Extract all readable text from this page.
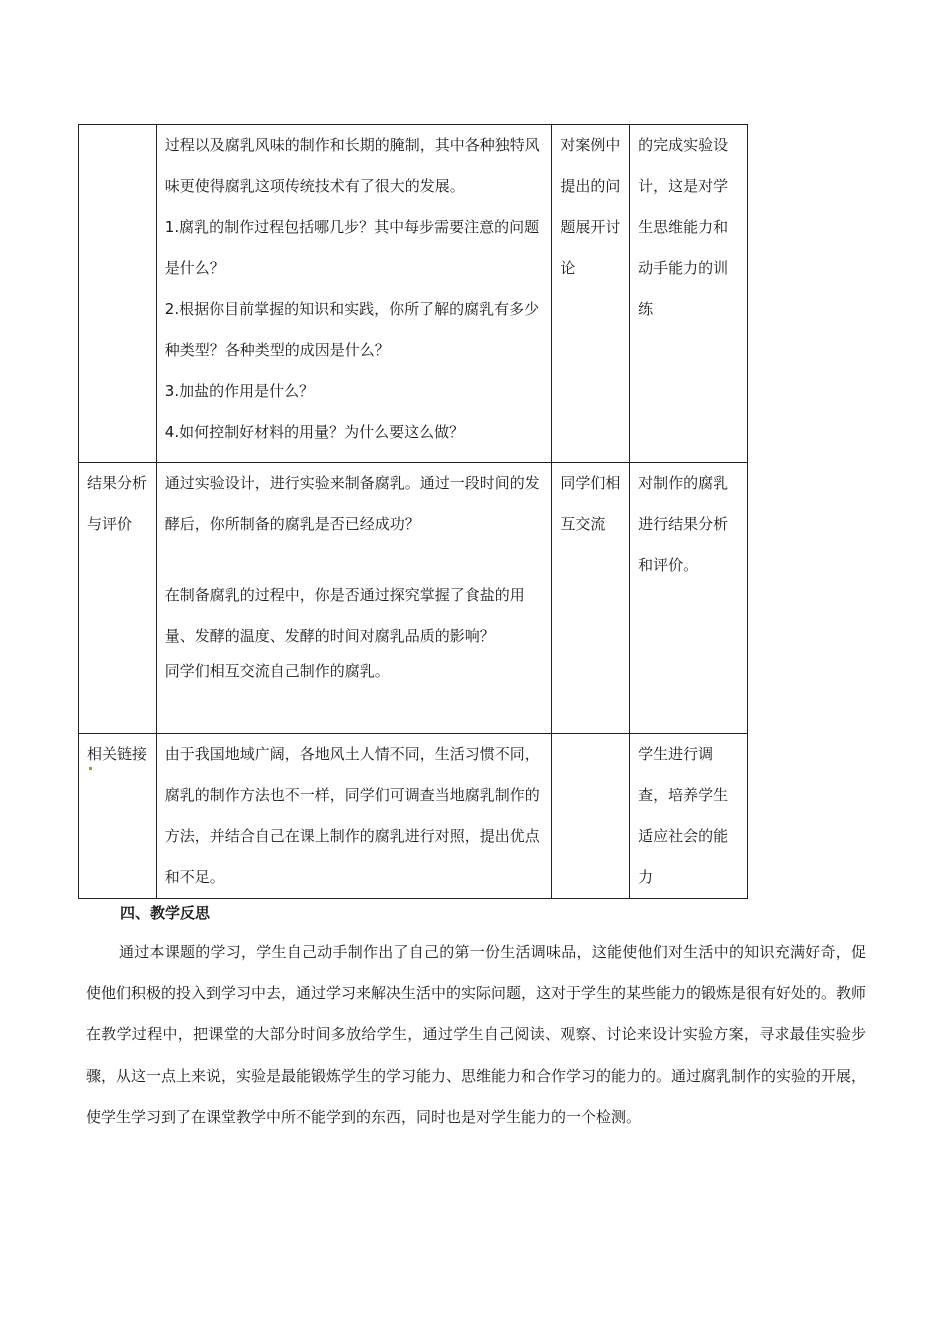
	过程以及腐乳风味的制作和长期的腌制，其中各种独特风味更使得腐乳这项传统技术有了很大的发展。

1.腐乳的制作过程包括哪几步？其中每步需要注意的问题是什么？

2.根据你目前掌握的知识和实践，你所了解的腐乳有多少种类型？各种类型的成因是什么？

3.加盐的作用是什么？

4.如何控制好材料的用量？为什么要这么做？	对案例中提出的问题展开讨论	的完成实验设计，这是对学生思维能力和动手能力的训练
结果分析与评价	通过实验设计，进行实验来制备腐乳。通过一段时间的发酵后，你所制备的腐乳是否已经成功？

在制备腐乳的过程中，你是否通过探究掌握了食盐的用量、发酵的温度、发酵的时间对腐乳品质的影响？

同学们相互交流自己制作的腐乳。	同学们相互交流	对制作的腐乳进行结果分析和评价。
相关链接	由于我国地域广阔，各地风土人情不同，生活习惯不同，腐乳的制作方法也不一样，同学们可调查当地腐乳制作的方法，并结合自己在课上制作的腐乳进行对照，提出优点和不足。		学生进行调查，培养学生适应社会的能力

四、教学反思

通过本课题的学习，学生自己动手制作出了自己的第一份生活调味品，这能使他们对生活中的知识充满好奇，促使他们积极的投入到学习中去，通过学习来解决生活中的实际问题，这对于学生的某些能力的锻炼是很有好处的。教师在教学过程中，把课堂的大部分时间多放给学生，通过学生自己阅读、观察、讨论来设计实验方案，寻求最佳实验步骤，从这一点上来说，实验是最能锻炼学生的学习能力、思维能力和合作学习的能力的。通过腐乳制作的实验的开展，使学生学习到了在课堂教学中所不能学到的东西，同时也是对学生能力的一个检测。
